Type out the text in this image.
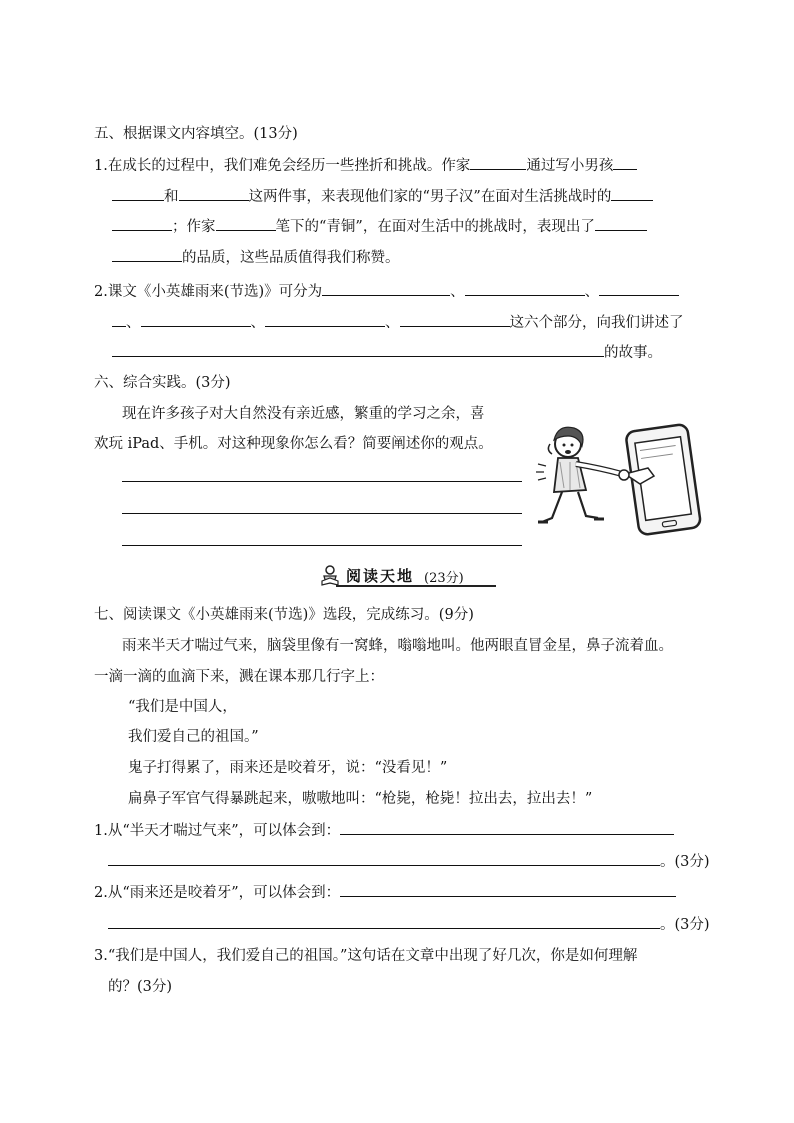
五、根据课文内容填空。(13分)
1.在成长的过程中，我们难免会经历一些挫折和挑战。作家	通过写小男孩
和	这两件事，来表现他们家的“男子汉”在面对生活挑战时的
；作家	笔下的“青铜”，在面对生活中的挑战时，表现出了
的品质，这些品质值得我们称赞。
2.课文《小英雄雨来(节选)》可分为	、	、
、	、	、	这六个部分，向我们讲述了
的故事。
六、综合实践。(3分)
现在许多孩子对大自然没有亲近感，繁重的学习之余，喜
欢玩 iPad、手机。对这种现象你怎么看？简要阐述你的观点。
阅读天地 (23分)
七、阅读课文《小英雄雨来(节选)》选段，完成练习。(9分)
雨来半天才喘过气来，脑袋里像有一窝蜂，嗡嗡地叫。他两眼直冒金星，鼻子流着血。
一滴一滴的血滴下来，溅在课本那几行字上：
“我们是中国人，
我们爱自己的祖国。”
鬼子打得累了，雨来还是咬着牙，说：“没看见！”
扁鼻子军官气得暴跳起来，嗷嗷地叫：“枪毙，枪毙！拉出去，拉出去！”
1.从“半天才喘过气来”，可以体会到：
。(3分)
2.从“雨来还是咬着牙”，可以体会到：
。(3分)
3.“我们是中国人，我们爱自己的祖国。”这句话在文章中出现了好几次，你是如何理解
的？(3分)
